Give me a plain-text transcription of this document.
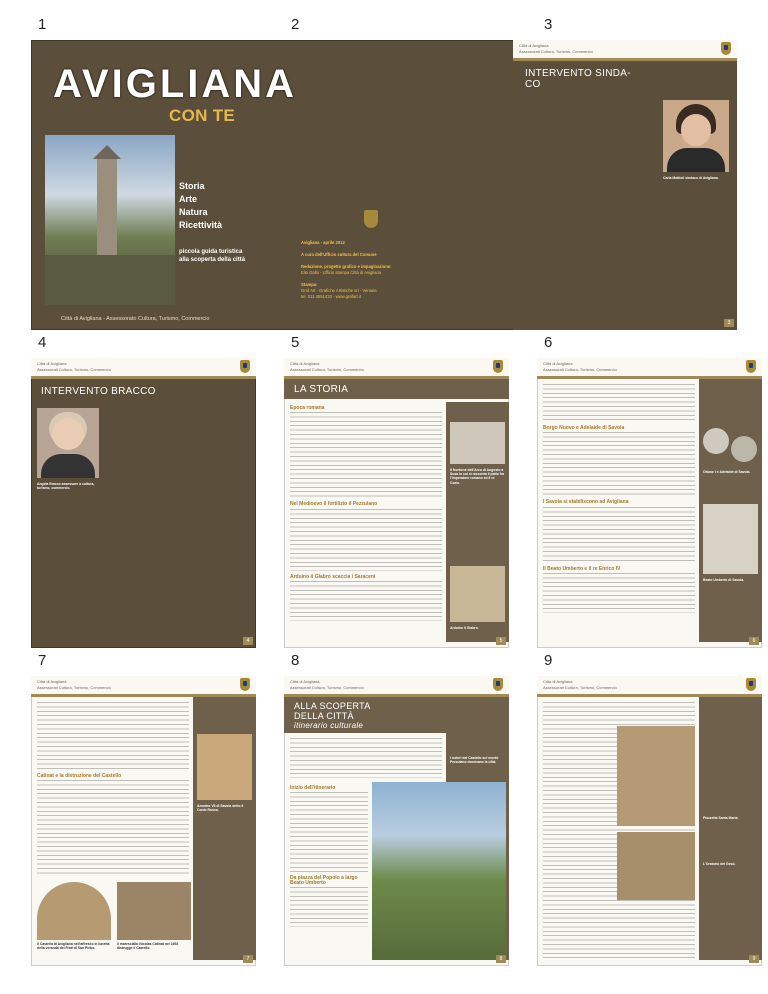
1	2	3
4	5	6
7	8	9
AVIGLIANA
CON TE
Storia
Arte
Natura
Ricettività
piccola guida turistica alla scoperta della città
Città di Avigliana - Assessorato Cultura, Turismo, Commercio
Avigliana - aprile 2012
A cura dell'Ufficio cultura del Comune
Redazione, progetto grafico e impaginazione:
Elio Gallo - Ufficio stampa Città di Avigliana
Stampa:
Graf Art - Grafiche Artistiche srl - Venaria
tel. 011.4551433 - www.grafart.it
Città di Avigliana
Assessorati Cultura, Turismo, Commercio
INTERVENTO SINDA- CO
Carla Mattioli sindaco di Avigliana.
3
Città di Avigliana
Assessorati Cultura, Turismo, Commercio
INTERVENTO BRACCO
Angela Bracco assessore a cultura, turismo, commercio.
4
Città di Avigliana
Assessorati Cultura, Turismo, Commercio
LA STORIA
Epoca romana
Nel Medioevo il fortilizio il Pezzulano
Arduino il Glabro scaccia i Saraceni
Il frontone dell'Arco di Augusto a Susa in cui si racconta il patto fra l'Imperatore romano ed il re Cozio.
Arduino il Glabro.
5
Città di Avigliana
Assessorati Cultura, Turismo, Commercio
Borgo Nuovo e Adelaide di Savoia
I Savoia si stabiliscono ad Avigliana
Il Beato Umberto e il re Enrico IV
Ottone I e Adelaide di Savoia.
Beato Umberto di Savoia.
6
Città di Avigliana
Assessorati Cultura, Turismo, Commercio
Catinat e la distruzione del Castello
Amedeo VII di Savoia detto il Conte Rosso.
Il Castello di Avigliana nell'affresco in lunetta della veranda dei Frati di San Pietro.
Il maresciallo Nicolas Catinat nel 1692 distrugge il Castello.
7
Città di Avigliana
Assessorati Cultura, Turismo, Commercio
ALLA SCOPERTA
DELLA CITTÀ
itinerario culturale
I ruderi del Castello sul monte Pezzulano dominano la città.
Inizio dell'itinerario
Da piazza del Popolo a largo Beato Umberto
8
Città di Avigliana
Assessorati Cultura, Turismo, Commercio
Piazzetta Santa Maria.
L'Oratorio del Gesù.
9
